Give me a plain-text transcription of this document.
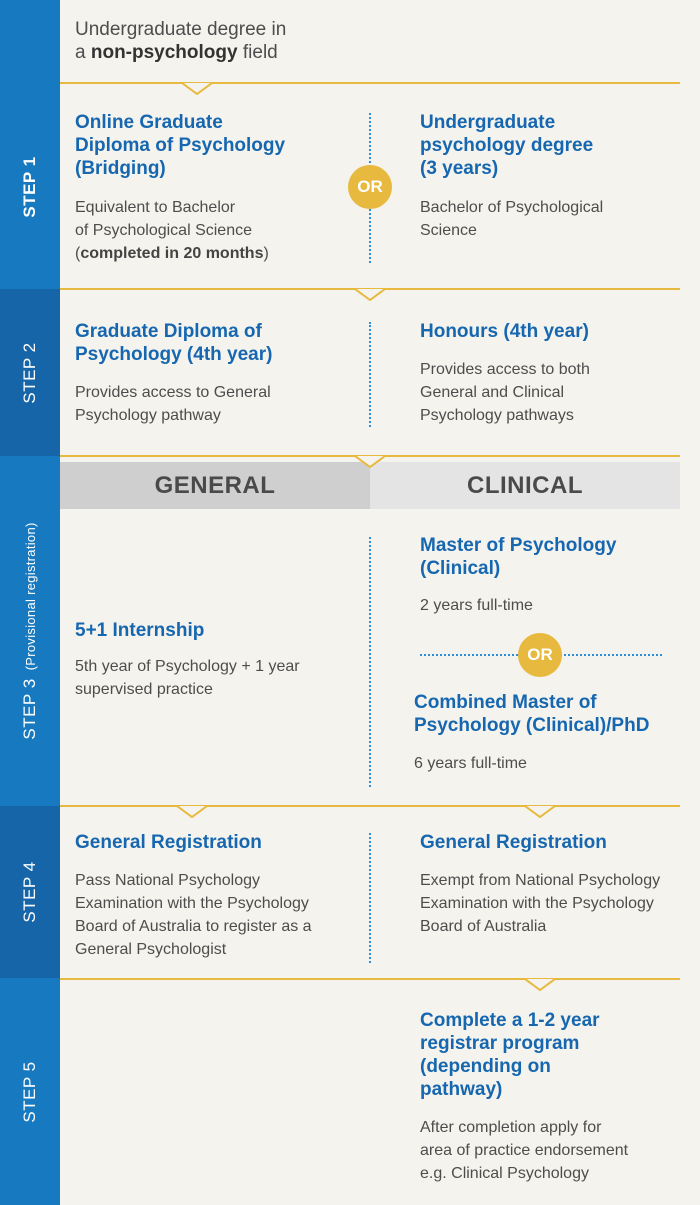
STEP 1
STEP 2
STEP 3(Provisional registration)
STEP 4
STEP 5
Undergraduate degree in
a non-psychology field
GENERAL	CLINICAL
Online Graduate
Diploma of Psychology
(Bridging)
Equivalent to Bachelor
of Psychological Science
(completed in 20 months)
OR
Undergraduate
psychology degree
(3 years)
Bachelor of Psychological
Science
Graduate Diploma of
Psychology (4th year)
Provides access to General
Psychology pathway
Honours (4th year)
Provides access to both
General and Clinical
Psychology pathways
5+1 Internship
5th year of Psychology + 1 year
supervised practice
Master of Psychology
(Clinical)
2 years full-time
OR
Combined Master of
Psychology (Clinical)/PhD
6 years full-time
General Registration
Pass National Psychology
Examination with the Psychology
Board of Australia to register as a
General Psychologist
General Registration
Exempt from National Psychology
Examination with the Psychology
Board of Australia
Complete a 1-2 year
registrar program
(depending on
pathway)
After completion apply for
area of practice endorsement
e.g. Clinical Psychology
